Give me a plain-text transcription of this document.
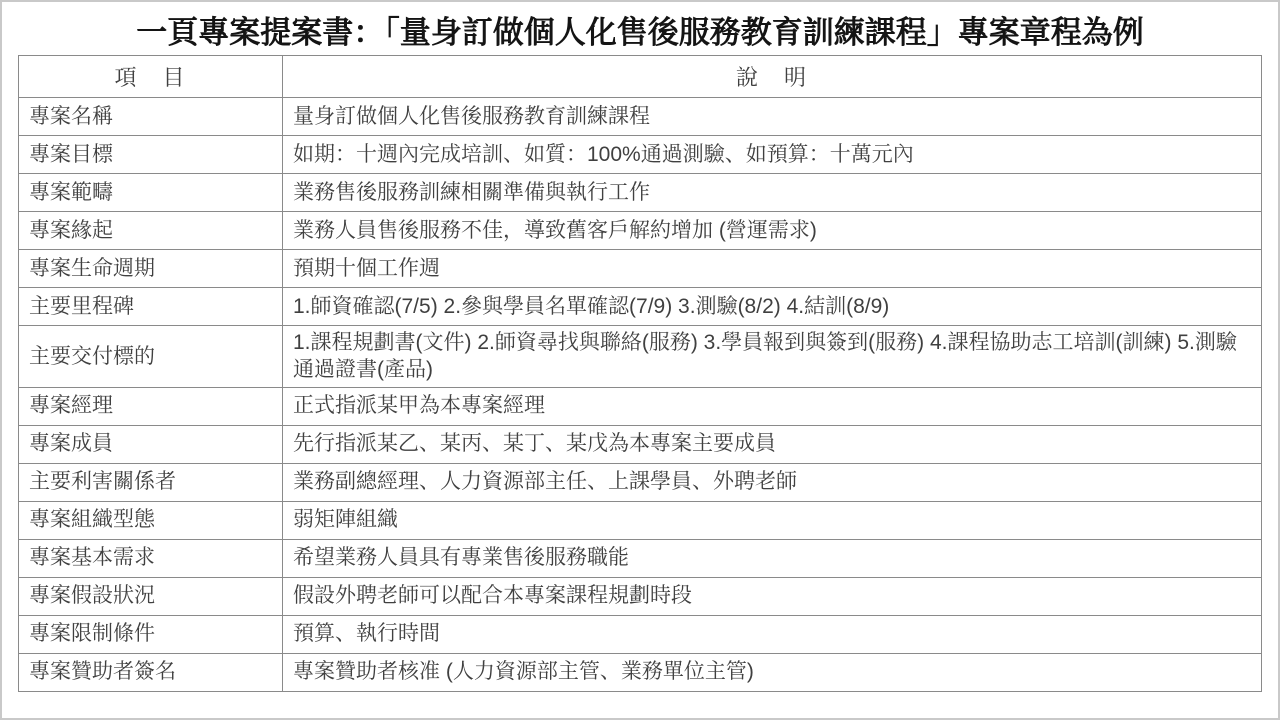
一頁專案提案書：「量身訂做個人化售後服務教育訓練課程」專案章程為例
項　目	說　明
專案名稱	量身訂做個人化售後服務教育訓練課程
專案目標	如期：十週內完成培訓、如質：100%通過測驗、如預算：十萬元內
專案範疇	業務售後服務訓練相關準備與執行工作
專案緣起	業務人員售後服務不佳，導致舊客戶解約增加 (營運需求)
專案生命週期	預期十個工作週
主要里程碑	1.師資確認(7/5) 2.參與學員名單確認(7/9) 3.測驗(8/2) 4.結訓(8/9)
主要交付標的	1.課程規劃書(文件) 2.師資尋找與聯絡(服務) 3.學員報到與簽到(服務) 4.課程協助志工培訓(訓練) 5.測驗通過證書(產品)
專案經理	正式指派某甲為本專案經理
專案成員	先行指派某乙、某丙、某丁、某戊為本專案主要成員
主要利害關係者	業務副總經理、人力資源部主任、上課學員、外聘老師
專案組織型態	弱矩陣組織
專案基本需求	希望業務人員具有專業售後服務職能
專案假設狀況	假設外聘老師可以配合本專案課程規劃時段
專案限制條件	預算、執行時間
專案贊助者簽名	專案贊助者核准 (人力資源部主管、業務單位主管)
